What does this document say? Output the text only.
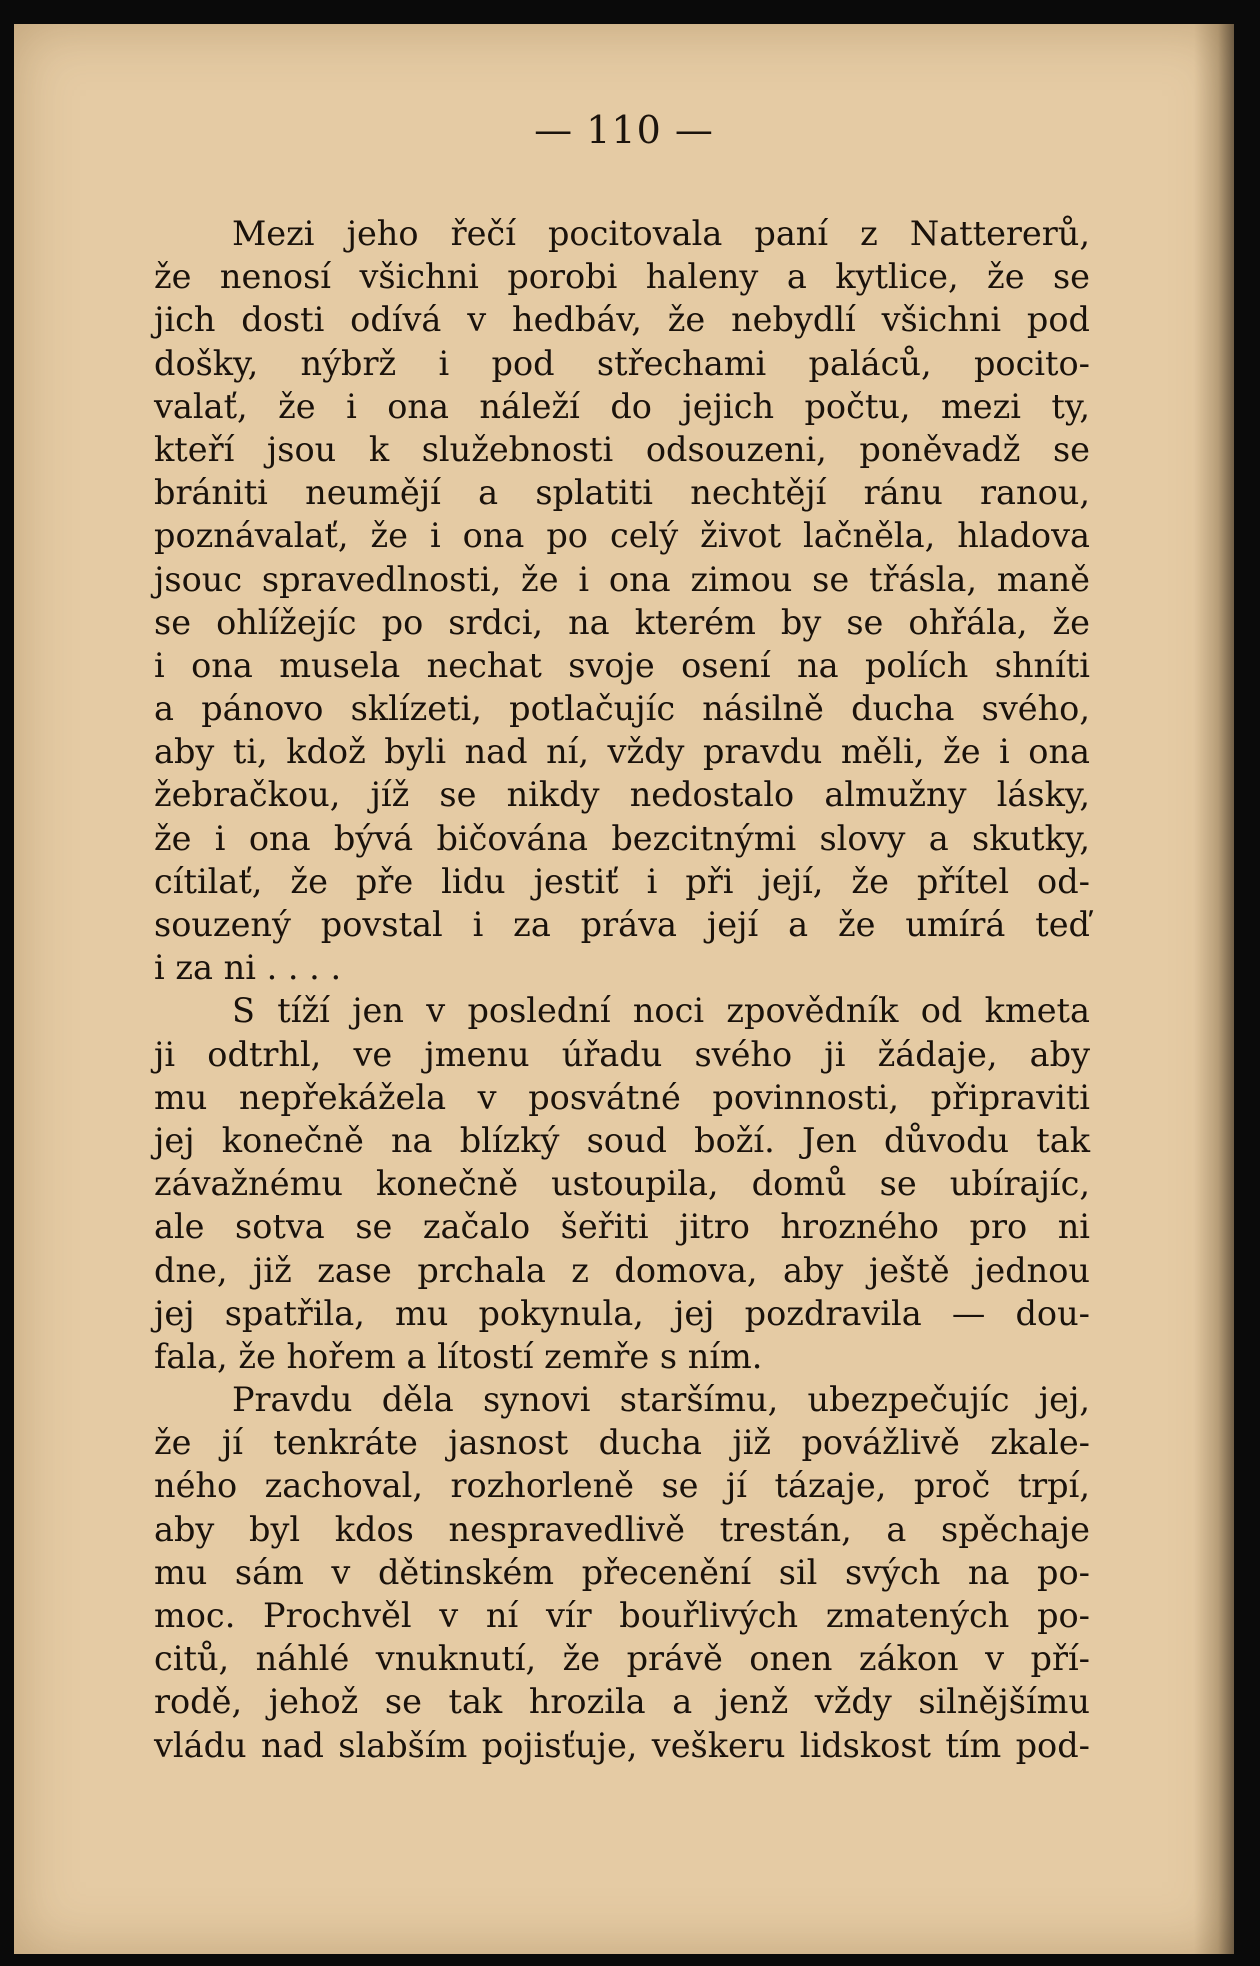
— 110 —
Mezi jeho řečí pocitovala paní z Nattererů,
že nenosí všichni porobi haleny a kytlice, že se
jich dosti odívá v hedbáv, že nebydlí všichni pod
došky, nýbrž i pod střechami paláců, pocito-
valať, že i ona náleží do jejich počtu, mezi ty,
kteří jsou k služebnosti odsouzeni, poněvadž se
brániti neumějí a splatiti nechtějí ránu ranou,
poznávalať, že i ona po celý život lačněla, hladova
jsouc spravedlnosti, že i ona zimou se třásla, maně
se ohlížejíc po srdci, na kterém by se ohřála, že
i ona musela nechat svoje osení na polích shníti
a pánovo sklízeti, potlačujíc násilně ducha svého,
aby ti, kdož byli nad ní, vždy pravdu měli, že i ona
žebračkou, jíž se nikdy nedostalo almužny lásky,
že i ona bývá bičována bezcitnými slovy a skutky,
cítilať, že pře lidu jestiť i při její, že přítel od-
souzený povstal i za práva její a že umírá teď
i za ni . . . .
S tíží jen v poslední noci zpovědník od kmeta
ji odtrhl, ve jmenu úřadu svého ji žádaje, aby
mu nepřekážela v posvátné povinnosti, připraviti
jej konečně na blízký soud boží. Jen důvodu tak
závažnému konečně ustoupila, domů se ubírajíc,
ale sotva se začalo šeřiti jitro hrozného pro ni
dne, již zase prchala z domova, aby ještě jednou
jej spatřila, mu pokynula, jej pozdravila — dou-
fala, že hořem a lítostí zemře s ním.
Pravdu děla synovi staršímu, ubezpečujíc jej,
že jí tenkráte jasnost ducha již povážlivě zkale-
ného zachoval, rozhorleně se jí tázaje, proč trpí,
aby byl kdos nespravedlivě trestán, a spěchaje
mu sám v dětinském přecenění sil svých na po-
moc. Prochvěl v ní vír bouřlivých zmatených po-
citů, náhlé vnuknutí, že právě onen zákon v pří-
rodě, jehož se tak hrozila a jenž vždy silnějšímu
vládu nad slabším pojisťuje, veškeru lidskost tím pod-
